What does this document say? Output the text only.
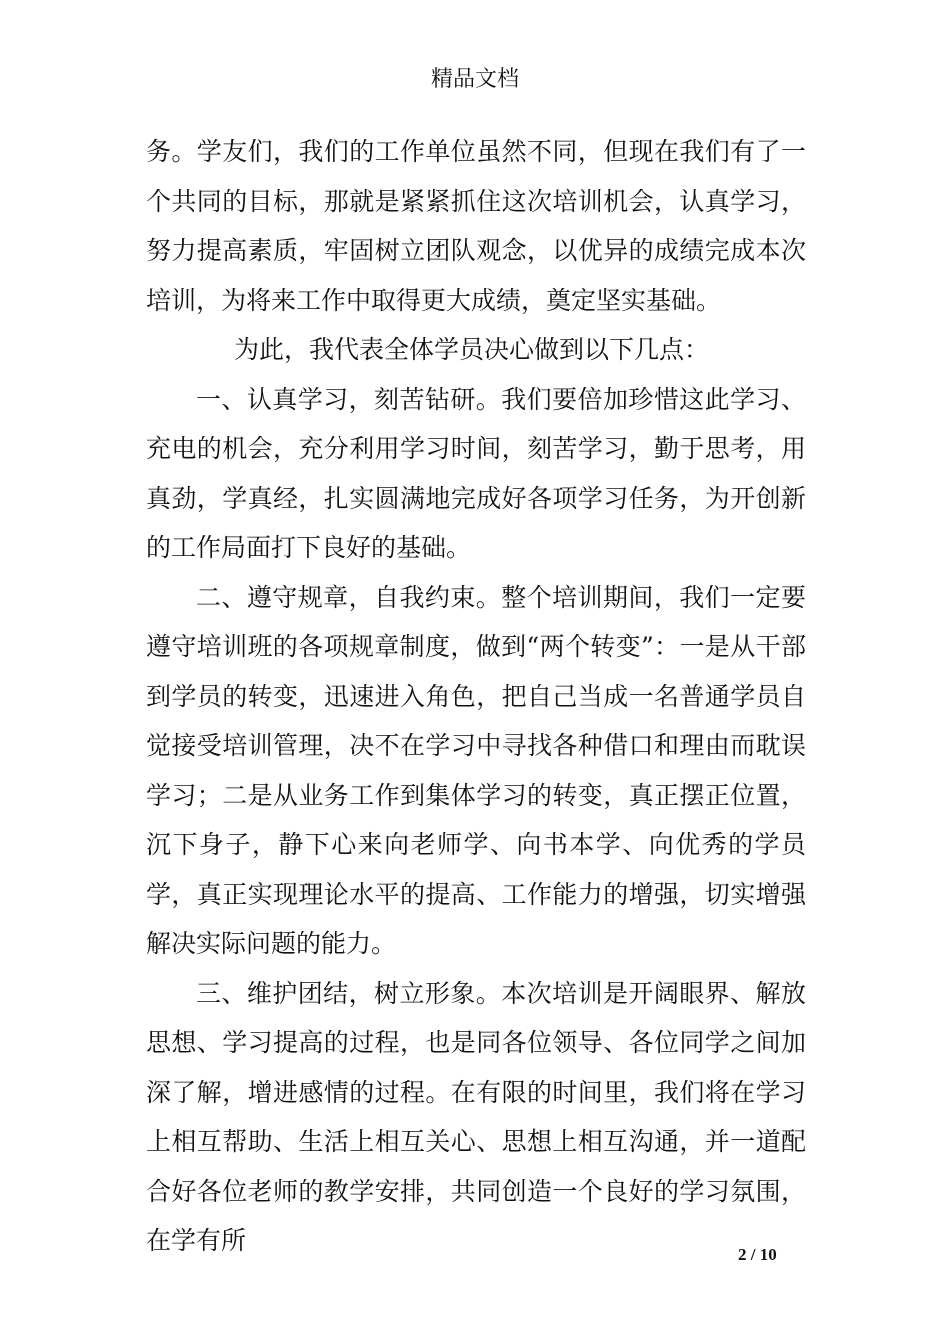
精品文档

务。学友们，我们的工作单位虽然不同，但现在我们有了一个共同的目标，那就是紧紧抓住这次培训机会，认真学习，努力提高素质，牢固树立团队观念，以优异的成绩完成本次培训，为将来工作中取得更大成绩，奠定坚实基础。

为此，我代表全体学员决心做到以下几点：

一、认真学习，刻苦钻研。我们要倍加珍惜这此学习、充电的机会，充分利用学习时间，刻苦学习，勤于思考，用真劲，学真经，扎实圆满地完成好各项学习任务，为开创新的工作局面打下良好的基础。

二、遵守规章，自我约束。整个培训期间，我们一定要遵守培训班的各项规章制度，做到“两个转变”：一是从干部到学员的转变，迅速进入角色，把自己当成一名普通学员自觉接受培训管理，决不在学习中寻找各种借口和理由而耽误学习；二是从业务工作到集体学习的转变，真正摆正位置，沉下身子，静下心来向老师学、向书本学、向优秀的学员学，真正实现理论水平的提高、工作能力的增强，切实增强解决实际问题的能力。

三、维护团结，树立形象。本次培训是开阔眼界、解放思想、学习提高的过程，也是同各位领导、各位同学之间加深了解，增进感情的过程。在有限的时间里，我们将在学习上相互帮助、生活上相互关心、思想上相互沟通，并一道配合好各位老师的教学安排，共同创造一个良好的学习氛围，在学有所	2 / 10
